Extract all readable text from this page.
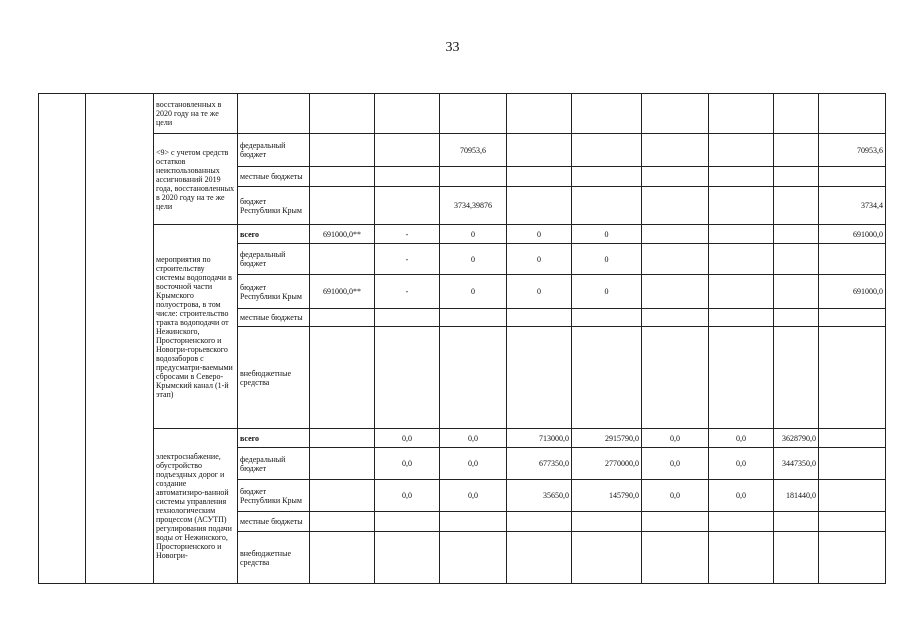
33
		восстановленных в 2020 году на те же цели										
		<9> с учетом средств остатков неиспользованных ассигнований 2019 года, восстановленных в 2020 году на те же цели	федеральный бюджет			70953,6						70953,6
			местные бюджеты									
			бюджет Республики Крым			3734,39876						3734,4
		мероприятия по строительству системы водоподачи в восточной части Крымского полуострова, в том числе: строительство тракта водоподачи от Нежинского, Просторненского и Новогри-горьевского водозаборов с предусматри-ваемыми сбросами в Северо-Крымский канал (1-й этап)	всего	691000,0**	-	0	0	0				691000,0
			федеральный бюджет		-	0	0	0				
			бюджет Республики Крым	691000,0**	-	0	0	0				691000,0
			местные бюджеты									
			внебюджетные средства									
		электроснабжение, обустройство подъездных дорог и создание автоматизиро-ванной системы управления технологическим процессом (АСУТП) регулирования подачи воды от Нежинского, Просторненского и Новогри-	всего		0,0	0,0	713000,0	2915790,0	0,0	0,0	3628790,0	
			федеральный бюджет		0,0	0,0	677350,0	2770000,0	0,0	0,0	3447350,0	
			бюджет Республики Крым		0,0	0,0	35650,0	145790,0	0,0	0,0	181440,0	
			местные бюджеты									
			внебюджетные средства									
